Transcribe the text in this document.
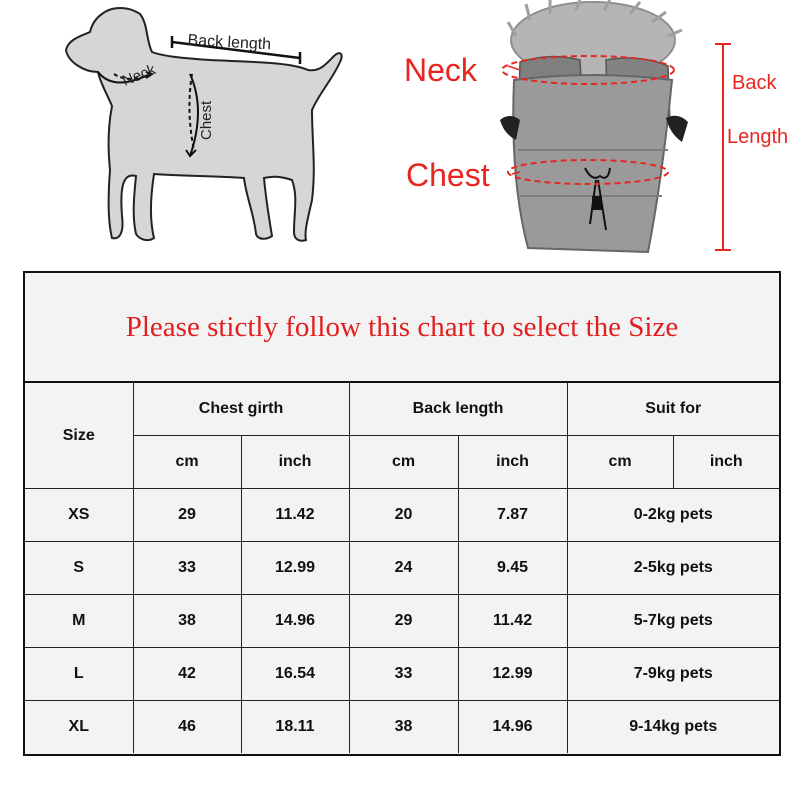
Back length
Neck
Chest
Neck
Chest
Back
Length
Please stictly follow this chart to select the Size
Size	Chest girth		Back length		Suit for	
	cm	inch	cm	inch	cm	inch
XS	29	11.42	20	7.87	0-2kg pets	
S	33	12.99	24	9.45	2-5kg pets	
M	38	14.96	29	11.42	5-7kg pets	
L	42	16.54	33	12.99	7-9kg pets	
XL	46	18.11	38	14.96	9-14kg pets	
